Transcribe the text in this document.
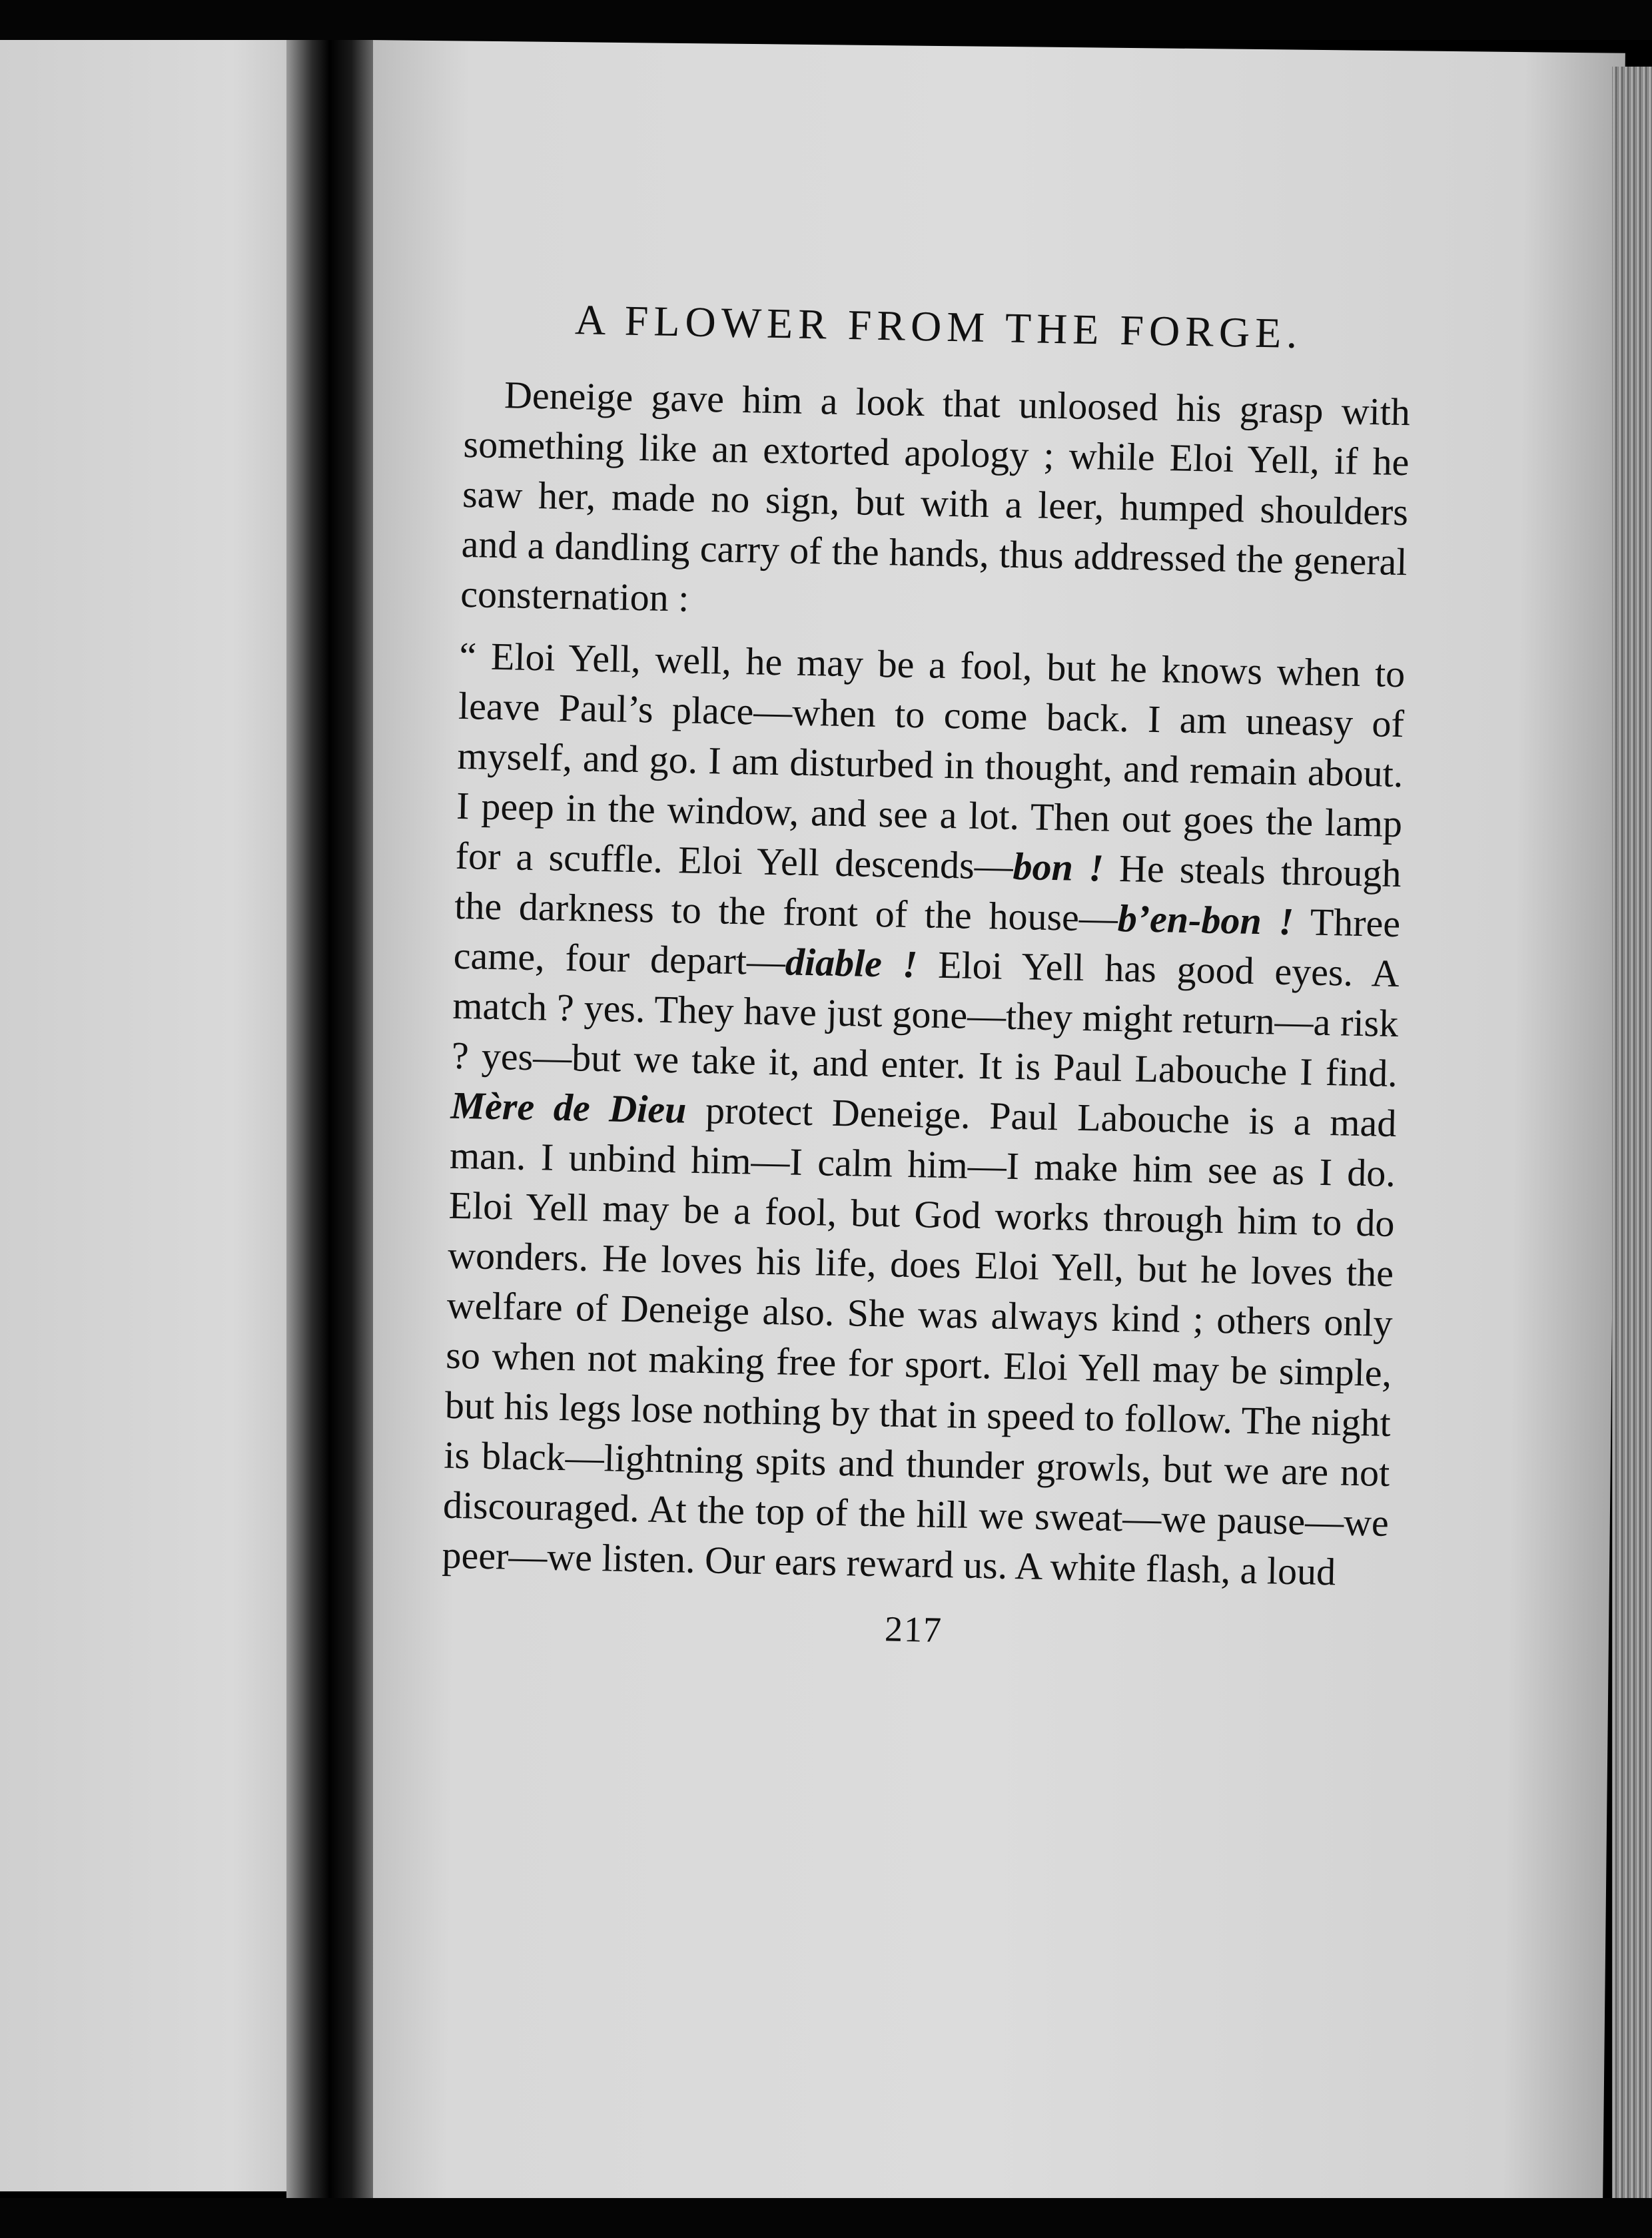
A FLOWER FROM THE FORGE.

Deneige gave him a look that unloosed his grasp with something like an extorted apology ; while Eloi Yell, if he saw her, made no sign, but with a leer, humped shoulders and a dandling carry of the hands, thus addressed the general consternation :

“ Eloi Yell, well, he may be a fool, but he knows when to leave Paul’s place—when to come back. I am uneasy of myself, and go. I am disturbed in thought, and remain about. I peep in the window, and see a lot. Then out goes the lamp for a scuffle. Eloi Yell descends—bon ! He steals through the darkness to the front of the house—b’en-bon ! Three came, four depart—diable ! Eloi Yell has good eyes. A match ? yes. They have just gone—they might return—a risk ? yes—but we take it, and enter. It is Paul Labouche I find. Mère de Dieu protect Deneige. Paul Labouche is a mad man. I unbind him—I calm him—I make him see as I do. Eloi Yell may be a fool, but God works through him to do wonders. He loves his life, does Eloi Yell, but he loves the welfare of Deneige also. She was always kind ; others only so when not making free for sport. Eloi Yell may be simple, but his legs lose nothing by that in speed to follow. The night is black—lightning spits and thunder growls, but we are not discouraged. At the top of the hill we sweat—we pause—we peer—we listen. Our ears reward us. A white flash, a loud

217
